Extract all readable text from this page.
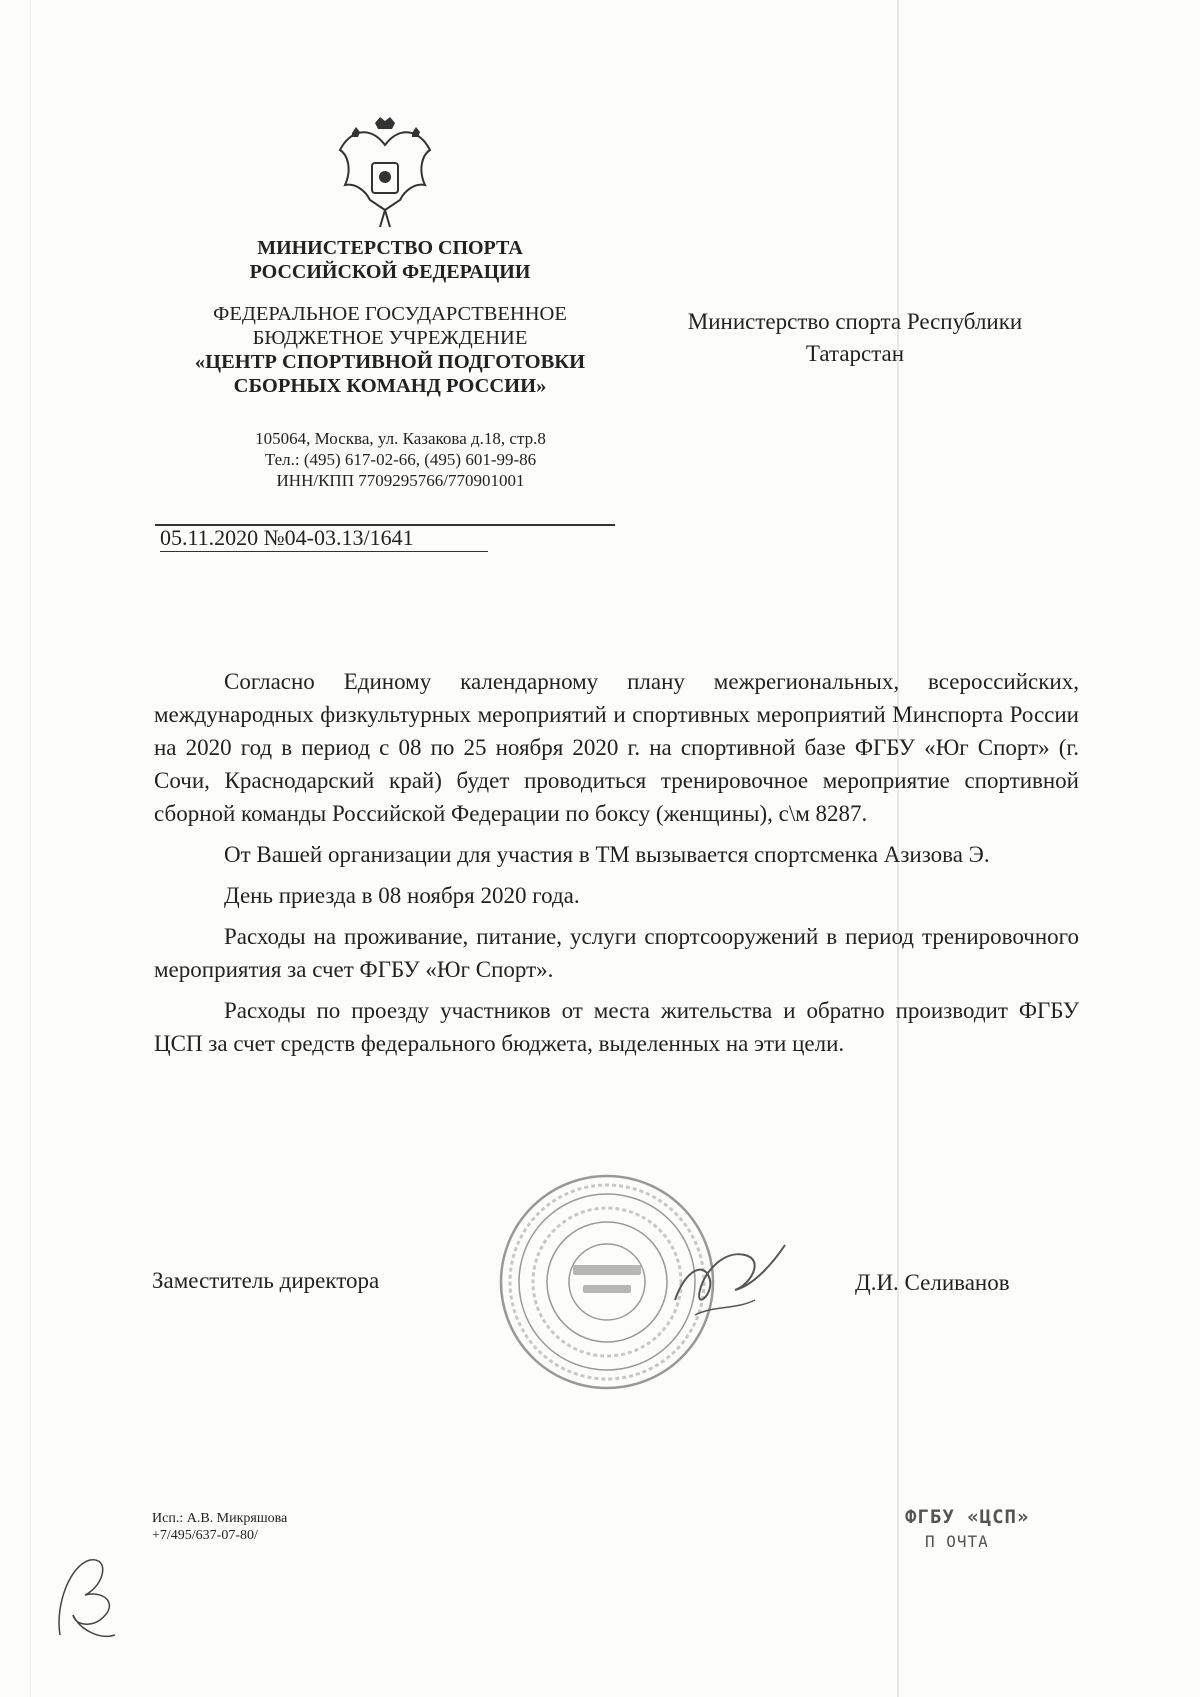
МИНИСТЕРСТВО СПОРТА
РОССИЙСКОЙ ФЕДЕРАЦИИ
ФЕДЕРАЛЬНОЕ ГОСУДАРСТВЕННОЕ
БЮДЖЕТНОЕ УЧРЕЖДЕНИЕ
«ЦЕНТР СПОРТИВНОЙ ПОДГОТОВКИ
СБОРНЫХ КОМАНД РОССИИ»
105064, Москва, ул. Казакова д.18, стр.8
Тел.: (495) 617-02-66, (495) 601-99-86
ИНН/КПП 7709295766/770901001
05.11.2020 №04-03.13/1641
Министерство спорта Республики
Татарстан

Согласно Единому календарному плану межрегиональных, всероссийских, международных физкультурных мероприятий и спортивных мероприятий Минспорта России на 2020 год в период с 08 по 25 ноября 2020 г. на спортивной базе ФГБУ «Юг Спорт» (г. Сочи, Краснодарский край) будет проводиться тренировочное мероприятие спортивной сборной команды Российской Федерации по боксу (женщины), с\м 8287.

От Вашей организации для участия в ТМ вызывается спортсменка Азизова Э.

День приезда в 08 ноября 2020 года.

Расходы на проживание, питание, услуги спортсооружений в период тренировочного мероприятия за счет ФГБУ «Юг Спорт».

Расходы по проезду участников от места жительства и обратно производит ФГБУ ЦСП за счет средств федерального бюджета, выделенных на эти цели.

Заместитель директора	Д.И. Селиванов
Исп.: А.В. Микряшова
+7/495/637-07-80/
ФГБУ «ЦСП»
П ОЧТА
